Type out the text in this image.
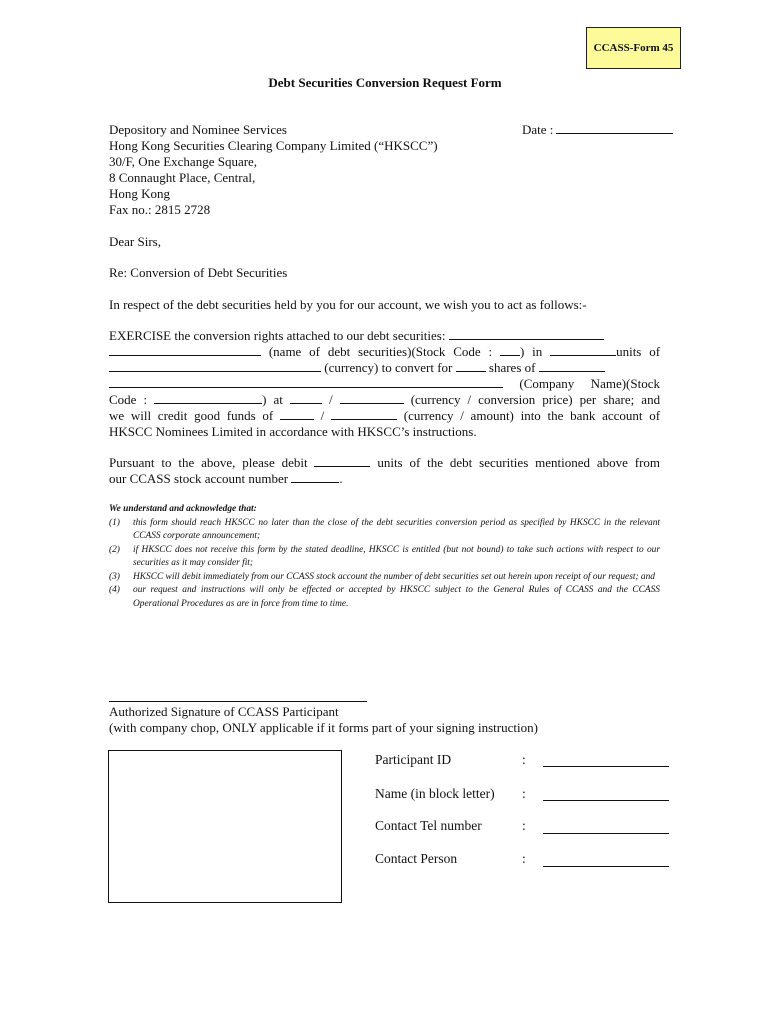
CCASS-Form 45
Debt Securities Conversion Request Form
Depository and Nominee Services
Hong Kong Securities Clearing Company Limited (“HKSCC”)
30/F, One Exchange Square,
8 Connaught Place, Central,
Hong Kong
Fax no.: 2815 2728
Date :
Dear Sirs,
Re: Conversion of Debt Securities
In respect of the debt securities held by you for our account, we wish you to act as follows:-
EXERCISE the conversion rights attached to our debt securities:
(name of debt securities)(Stock Code : ) in	units of
(currency) to convert for	shares of
(Company Name)(Stock
Code :	) at	/	(currency / conversion price) per share; and
we will credit good funds of	/	(currency / amount) into the bank account of
HKSCC Nominees Limited in accordance with HKSCC’s instructions.
Pursuant to the above, please debit	units of the debt securities mentioned above from
our CCASS stock account number	.
We understand and acknowledge that:
(1) this form should reach HKSCC no later than the close of the debt securities conversion period as specified by HKSCC in the relevant CCASS corporate announcement;
(2) if HKSCC does not receive this form by the stated deadline, HKSCC is entitled (but not bound) to take such actions with respect to our securities as it may consider fit;
(3) HKSCC will debit immediately from our CCASS stock account the number of debt securities set out herein upon receipt of our request; and
(4) our request and instructions will only be effected or accepted by HKSCC subject to the General Rules of CCASS and the CCASS Operational Procedures as are in force from time to time.
Authorized Signature of CCASS Participant
(with company chop, ONLY applicable if it forms part of your signing instruction)
Participant ID	:
Name (in block letter) :
Contact Tel number	:
Contact Person	:
